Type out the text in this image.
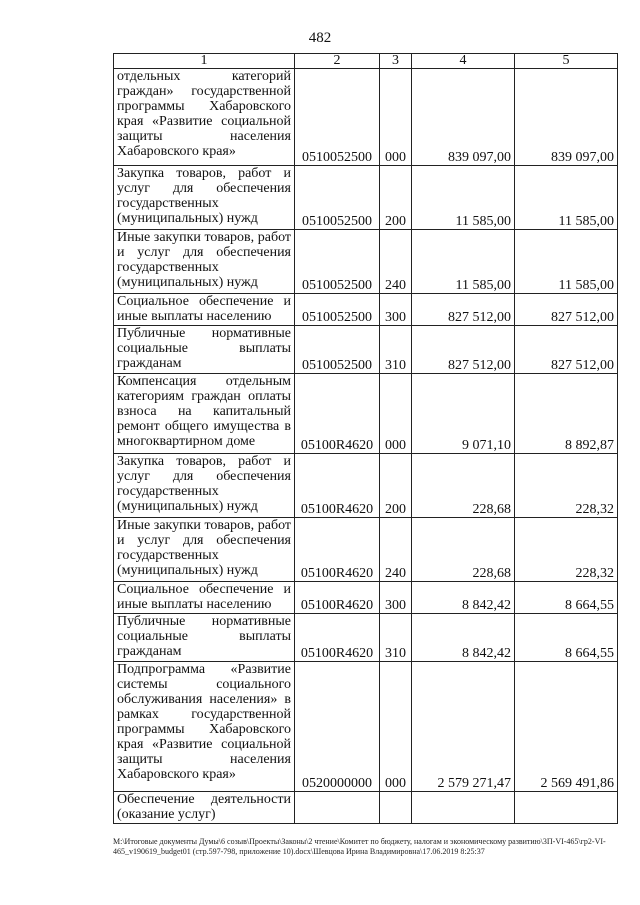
482
1	2	3	4	5
отдельных категорий граждан» государственной программы Хабаровского края «Развитие социальной защиты населения Хабаровского края»	0510052500	000	839 097,00	839 097,00
Закупка товаров, работ и услуг для обеспечения государственных (муниципальных) нужд	0510052500	200	11 585,00	11 585,00
Иные закупки товаров, работ и услуг для обеспечения государственных (муниципальных) нужд	0510052500	240	11 585,00	11 585,00
Социальное обеспечение и иные выплаты населению	0510052500	300	827 512,00	827 512,00
Публичные нормативные социальные выплаты гражданам	0510052500	310	827 512,00	827 512,00
Компенсация отдельным категориям граждан оплаты взноса на капитальный ремонт общего имущества в многоквартирном доме	05100R4620	000	9 071,10	8 892,87
Закупка товаров, работ и услуг для обеспечения государственных (муниципальных) нужд	05100R4620	200	228,68	228,32
Иные закупки товаров, работ и услуг для обеспечения государственных (муниципальных) нужд	05100R4620	240	228,68	228,32
Социальное обеспечение и иные выплаты населению	05100R4620	300	8 842,42	8 664,55
Публичные нормативные социальные выплаты гражданам	05100R4620	310	8 842,42	8 664,55
Подпрограмма «Развитие системы социального обслуживания населения» в рамках государственной программы Хабаровского края «Развитие социальной защиты населения Хабаровского края»	0520000000	000	2 579 271,47	2 569 491,86
Обеспечение деятельности (оказание услуг)				
M:\Итоговые документы Думы\6 созыв\Проекты\Законы\2 чтение\Комитет по бюджету, налогам и экономическому развитию\3П-VI-465\гр2-VI-465_v190619_budget01 (стр.597-798, приложение 10).docx\Шевцова Ирина Владимировна\17.06.2019 8:25:37
